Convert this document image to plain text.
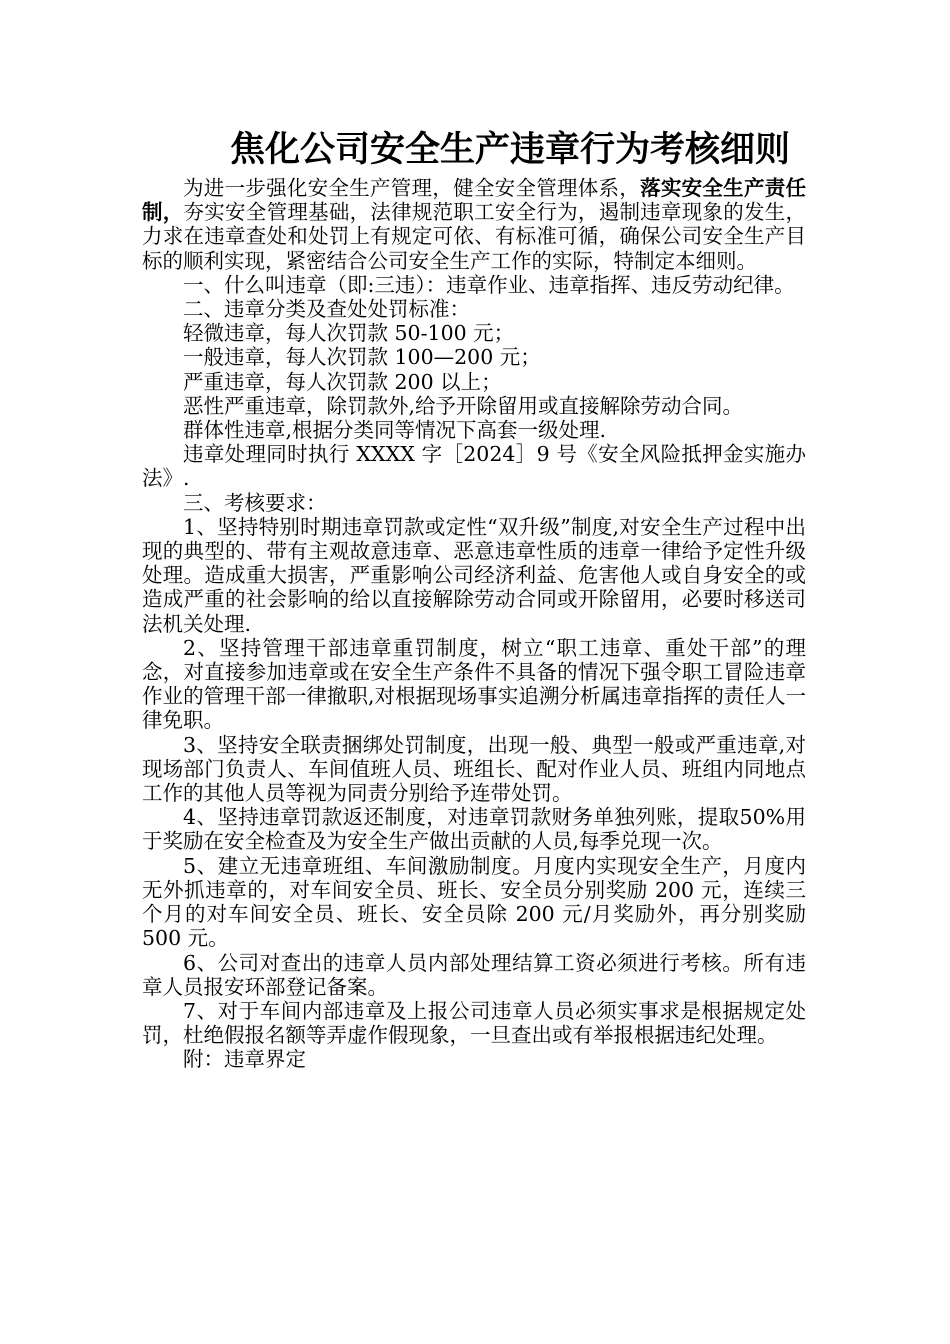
焦化公司安全生产违章行为考核细则

为进一步强化安全生产管理，健全安全管理体系，落实安全生产责任制，夯实安全管理基础，法律规范职工安全行为，遏制违章现象的发生，力求在违章查处和处罚上有规定可依、有标准可循，确保公司安全生产目标的顺利实现，紧密结合公司安全生产工作的实际，特制定本细则。

一、什么叫违章（即:三违）：违章作业、违章指挥、违反劳动纪律。

二、违章分类及查处处罚标准：

轻微违章，每人次罚款 50-100 元；

一般违章，每人次罚款 100—200 元；

严重违章，每人次罚款 200 以上；

恶性严重违章，除罚款外,给予开除留用或直接解除劳动合同。

群体性违章,根据分类同等情况下高套一级处理.

违章处理同时执行 XXXX 字［2024］9 号《安全风险抵押金实施办法》.

三、考核要求：

1、坚持特别时期违章罚款或定性“双升级”制度,对安全生产过程中出现的典型的、带有主观故意违章、恶意违章性质的违章一律给予定性升级处理。造成重大损害，严重影响公司经济利益、危害他人或自身安全的或造成严重的社会影响的给以直接解除劳动合同或开除留用，必要时移送司法机关处理.

2、坚持管理干部违章重罚制度，树立“职工违章、重处干部”的理念，对直接参加违章或在安全生产条件不具备的情况下强令职工冒险违章作业的管理干部一律撤职,对根据现场事实追溯分析属违章指挥的责任人一律免职。

3、坚持安全联责捆绑处罚制度，出现一般、典型一般或严重违章,对现场部门负责人、车间值班人员、班组长、配对作业人员、班组内同地点工作的其他人员等视为同责分别给予连带处罚。

4、坚持违章罚款返还制度，对违章罚款财务单独列账，提取50%用于奖励在安全检查及为安全生产做出贡献的人员,每季兑现一次。

5、建立无违章班组、车间激励制度。月度内实现安全生产，月度内无外抓违章的，对车间安全员、班长、安全员分别奖励 200 元，连续三个月的对车间安全员、班长、安全员除 200 元/月奖励外，再分别奖励 500 元。

6、公司对查出的违章人员内部处理结算工资必须进行考核。所有违章人员报安环部登记备案。

7、对于车间内部违章及上报公司违章人员必须实事求是根据规定处罚，杜绝假报名额等弄虚作假现象，一旦查出或有举报根据违纪处理。

附：违章界定
